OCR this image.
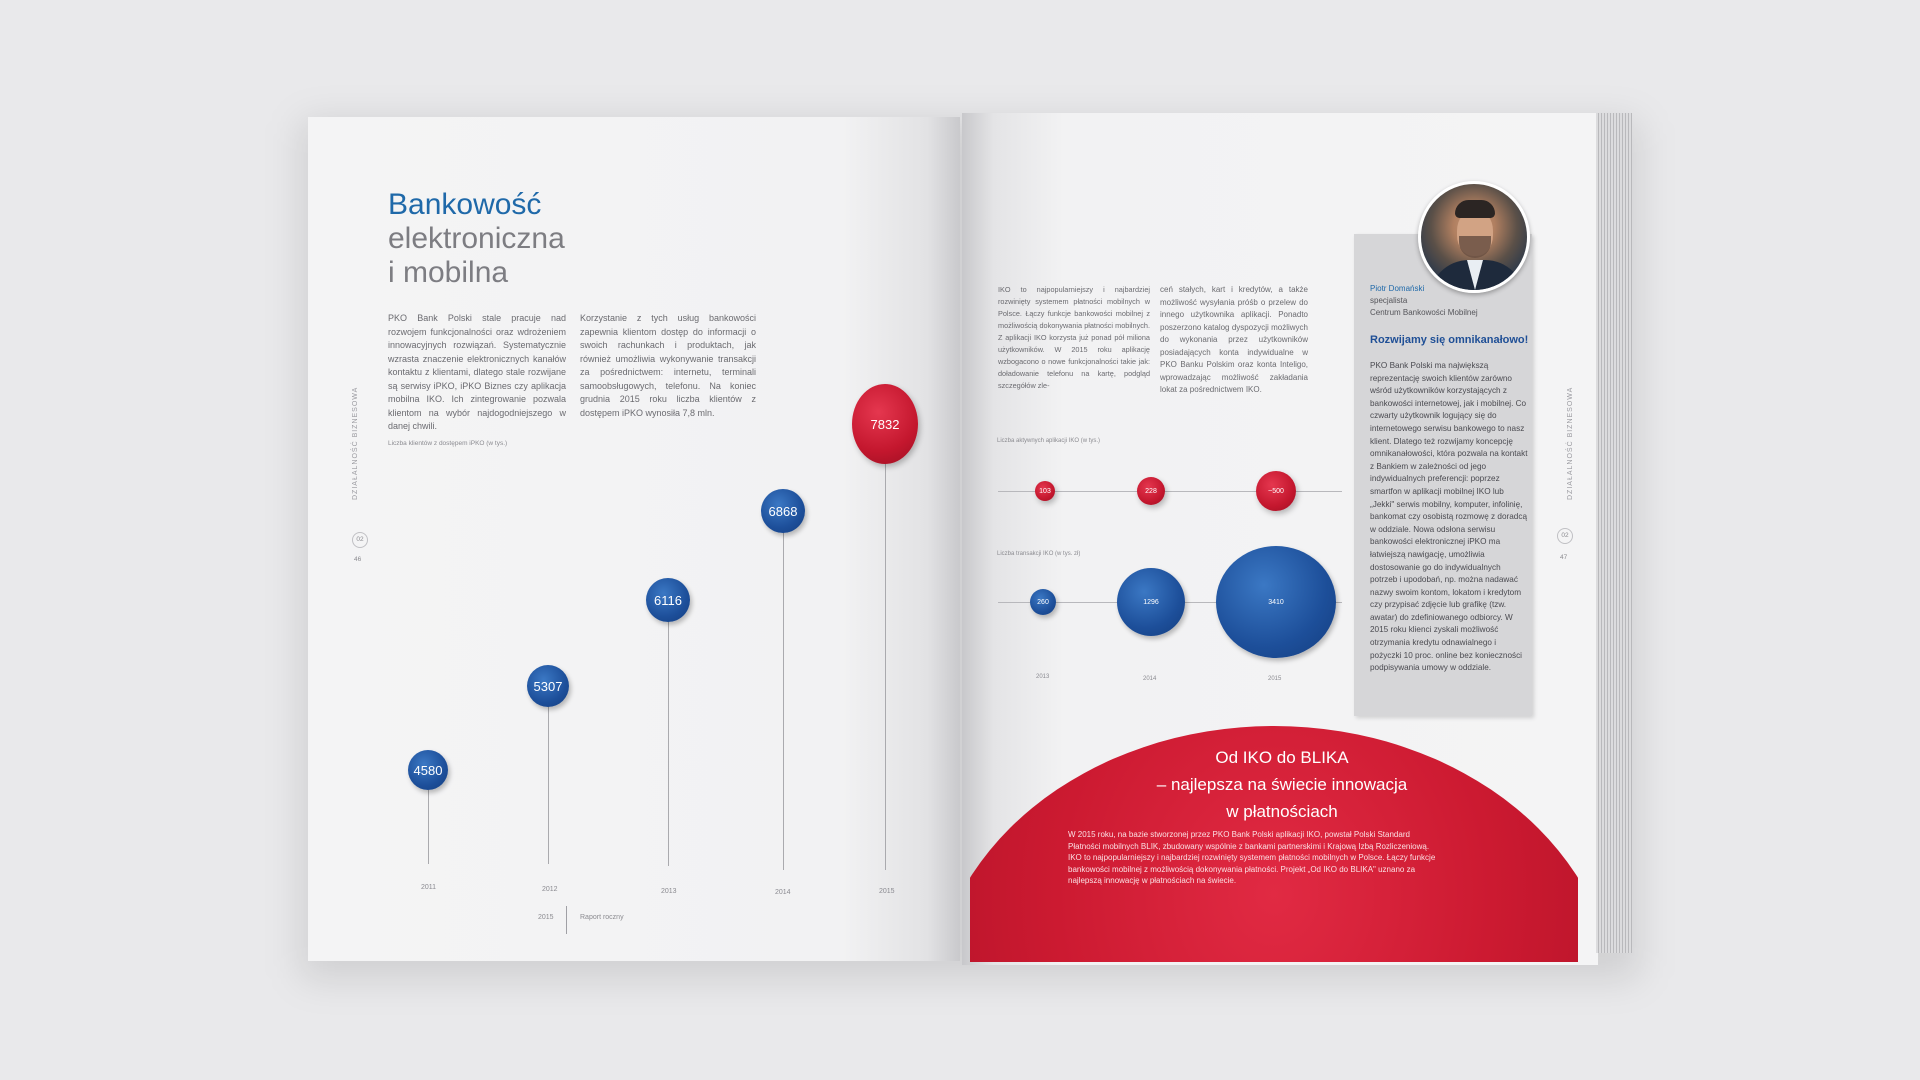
Bankowość
elektroniczna
i mobilna
PKO Bank Polski stale pracuje nad rozwojem funkcjonalności oraz wdrożeniem innowacyjnych rozwiązań. Systematycznie wzrasta znaczenie elektronicznych kanałów kontaktu z klientami, dlatego stale rozwijane są serwisy iPKO, iPKO Biznes czy aplikacja mobilna IKO. Ich zintegrowanie pozwala klientom na wybór najdogodniejszego w danej chwili.
Korzystanie z tych usług bankowości zapewnia klientom dostęp do informacji o swoich rachunkach i produktach, jak również umożliwia wykonywanie transakcji za pośrednictwem: internetu, terminali samoobsługowych, telefonu. Na koniec grudnia 2015 roku liczba klientów z dostępem iPKO wynosiła 7,8 mln.
Liczba klientów z dostępem iPKO (w tys.)
DZIAŁALNOŚĆ BIZNESOWA
02
46
4580
5307
6116
6868
7832
2011	2012	2013	2014	2015
2015	Raport roczny
IKO to najpopularniejszy i najbardziej rozwinięty systemem płatności mobilnych w Polsce. Łączy funkcje bankowości mobilnej z możliwością dokonywania płatności mobilnych. Z aplikacji IKO korzysta już ponad pół miliona użytkowników. W 2015 roku aplikację wzbogacono o nowe funkcjonalności takie jak: doładowanie telefonu na kartę, podgląd szczegółów zle-
ceń stałych, kart i kredytów, a także możliwość wysyłania próśb o przelew do innego użytkownika aplikacji. Ponadto poszerzono katalog dyspozycji możliwych do wykonania przez użytkowników posiadających konta indywidualne w PKO Banku Polskim oraz konta Inteligo, wprowadzając możliwość zakładania lokat za pośrednictwem IKO.
Liczba aktywnych aplikacji IKO (w tys.)
103	228	~500
Liczba transakcji IKO (w tys. zł)
260	1296	3410
2013	2014	2015
DZIAŁALNOŚĆ BIZNESOWA
02
47
Piotr Domański
specjalista
Centrum Bankowości Mobilnej
Rozwijamy się omnikanałowo!
PKO Bank Polski ma największą reprezentację swoich klientów zarówno wśród użytkowników korzystających z bankowości internetowej, jak i mobilnej. Co czwarty użytkownik logujący się do internetowego serwisu bankowego to nasz klient. Dlatego też rozwijamy koncepcję omnikanałowości, która pozwala na kontakt z Bankiem w zależności od jego indywidualnych preferencji: poprzez smartfon w aplikacji mobilnej IKO lub „Jekki" serwis mobilny, komputer, infolinię, bankomat czy osobistą rozmowę z doradcą w oddziale. Nowa odsłona serwisu bankowości elektronicznej iPKO ma łatwiejszą nawigację, umożliwia dostosowanie go do indywidualnych potrzeb i upodobań, np. można nadawać nazwy swoim kontom, lokatom i kredytom czy przypisać zdjęcie lub grafikę (tzw. awatar) do zdefiniowanego odbiorcy. W 2015 roku klienci zyskali możliwość otrzymania kredytu odnawialnego i pożyczki 10 proc. online bez konieczności podpisywania umowy w oddziale.
Od IKO do BLIKA
– najlepsza na świecie innowacja
w płatnościach
W 2015 roku, na bazie stworzonej przez PKO Bank Polski aplikacji IKO, powstał Polski Standard Płatności mobilnych BLIK, zbudowany wspólnie z bankami partnerskimi i Krajową Izbą Rozliczeniową. IKO to najpopularniejszy i najbardziej rozwinięty systemem płatności mobilnych w Polsce. Łączy funkcje bankowości mobilnej z możliwością dokonywania płatności. Projekt „Od IKO do BLIKA" uznano za najlepszą innowację w płatnościach na świecie.
